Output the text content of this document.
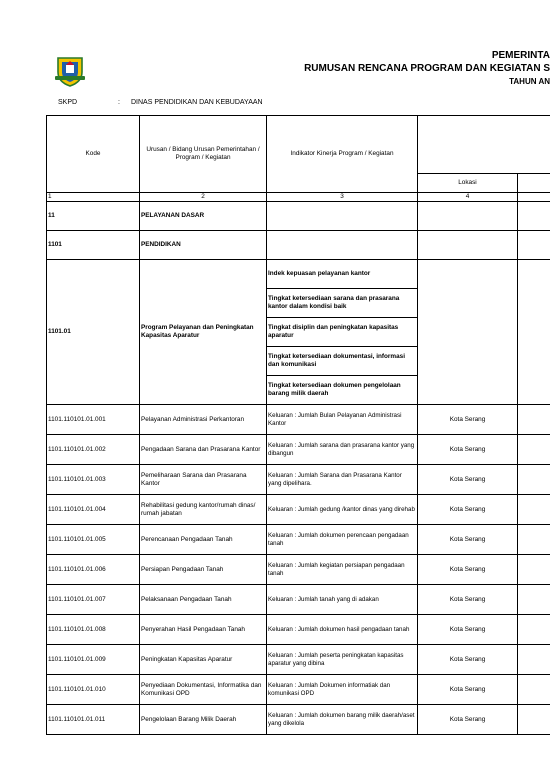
PEMERINTA
RUMUSAN RENCANA PROGRAM DAN KEGIATAN S
TAHUN AN
SKPD	: DINAS PENDIDIKAN DAN KEBUDAYAAN
Kode	Urusan / Bidang Urusan Pemerintahan / Program / Kegiatan	Indikator Kinerja Program / Kegiatan		
			Lokasi	
1	2	3	4	
11	PELAYANAN DASAR			
1101	PENDIDIKAN			
1101.01	Program Pelayanan dan Peningkatan Kapasitas Aparatur	Indek kepuasan pelayanan kantor		
		Tingkat ketersediaan sarana dan prasarana kantor dalam kondisi baik		
		Tingkat disiplin dan peningkatan kapasitas aparatur		
		Tingkat ketersediaan dokumentasi, informasi dan komunikasi		
		Tingkat ketersediaan dokumen pengelolaan barang milik daerah		
1101.110101.01.001	Pelayanan Administrasi Perkantoran	Keluaran : Jumlah Bulan Pelayanan Administrasi Kantor	Kota Serang	
1101.110101.01.002	Pengadaan Sarana dan Prasarana Kantor	Keluaran : Jumlah sarana dan prasarana kantor yang dibangun	Kota Serang	
1101.110101.01.003	Pemeliharaan Sarana dan Prasarana Kantor	Keluaran : Jumlah Sarana dan Prasarana Kantor yang dipelihara.	Kota Serang	
1101.110101.01.004	Rehabilitasi gedung kantor/rumah dinas/ rumah jabatan	Keluaran : Jumlah gedung /kantor dinas yang direhab	Kota Serang	
1101.110101.01.005	Perencanaan Pengadaan Tanah	Keluaran : Jumlah dokumen perencaan pengadaan tanah	Kota Serang	
1101.110101.01.006	Persiapan Pengadaan Tanah	Keluaran : Jumlah kegiatan persiapan pengadaan tanah	Kota Serang	
1101.110101.01.007	Pelaksanaan Pengadaan Tanah	Keluaran : Jumlah tanah yang di adakan	Kota Serang	
1101.110101.01.008	Penyerahan Hasil Pengadaan Tanah	Keluaran : Jumlah dokumen hasil pengadaan tanah	Kota Serang	
1101.110101.01.009	Peningkatan Kapasitas Aparatur	Keluaran : Jumlah peserta peningkatan kapasitas aparatur yang dibina	Kota Serang	
1101.110101.01.010	Penyediaan Dokumentasi, Informatika dan Komunikasi OPD	Keluaran : Jumlah Dokumen informatiak dan komunikasi OPD	Kota Serang	
1101.110101.01.011	Pengelolaan Barang Milik Daerah	Keluaran : Jumlah dokumen barang milik daerah/aset yang dikelola	Kota Serang	
